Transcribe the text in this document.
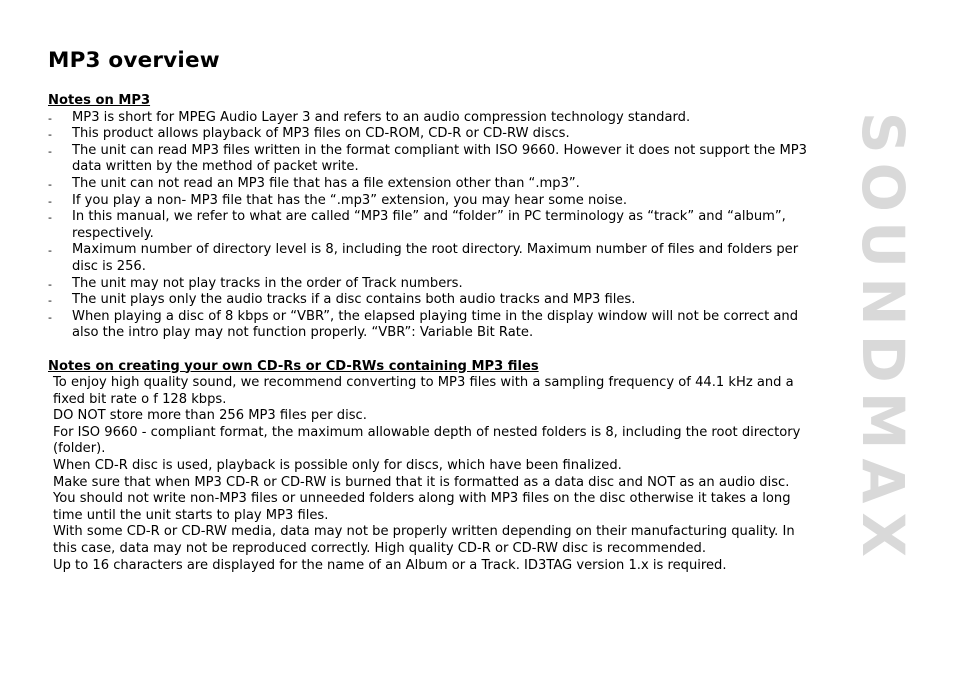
MP3 overview

Notes on MP3

- MP3 is short for MPEG Audio Layer 3 and refers to an audio compression technology standard.
- This product allows playback of MP3 files on CD-ROM, CD-R or CD-RW discs.
- The unit can read MP3 files written in the format compliant with ISO 9660. However it does not support the MP3 data written by the method of packet write.
- The unit can not read an MP3 file that has a file extension other than “.mp3”.
- If you play a non- MP3 file that has the “.mp3” extension, you may hear some noise.
- In this manual, we refer to what are called “MP3 file” and “folder” in PC terminology as “track” and “album”, respectively.
- Maximum number of directory level is 8, including the root directory. Maximum number of files and folders per disc is 256.
- The unit may not play tracks in the order of Track numbers.
- The unit plays only the audio tracks if a disc contains both audio tracks and MP3 files.
- When playing a disc of 8 kbps or “VBR”, the elapsed playing time in the display window will not be correct and also the intro play may not function properly. “VBR”: Variable Bit Rate.

Notes on creating your own CD-Rs or CD-RWs containing MP3 files

To enjoy high quality sound, we recommend converting to MP3 files with a sampling frequency of 44.1 kHz and a fixed bit rate o f 128 kbps.

DO NOT store more than 256 MP3 files per disc.

For ISO 9660 - compliant format, the maximum allowable depth of nested folders is 8, including the root directory (folder).

When CD-R disc is used, playback is possible only for discs, which have been finalized.

Make sure that when MP3 CD-R or CD-RW is burned that it is formatted as a data disc and NOT as an audio disc.

You should not write non-MP3 files or unneeded folders along with MP3 files on the disc otherwise it takes a long time until the unit starts to play MP3 files.

With some CD-R or CD-RW media, data may not be properly written depending on their manufacturing quality. In this case, data may not be reproduced correctly. High quality CD-R or CD-RW disc is recommended.

Up to 16 characters are displayed for the name of an Album or a Track. ID3TAG version 1.x is required.	SOUNDMAX
